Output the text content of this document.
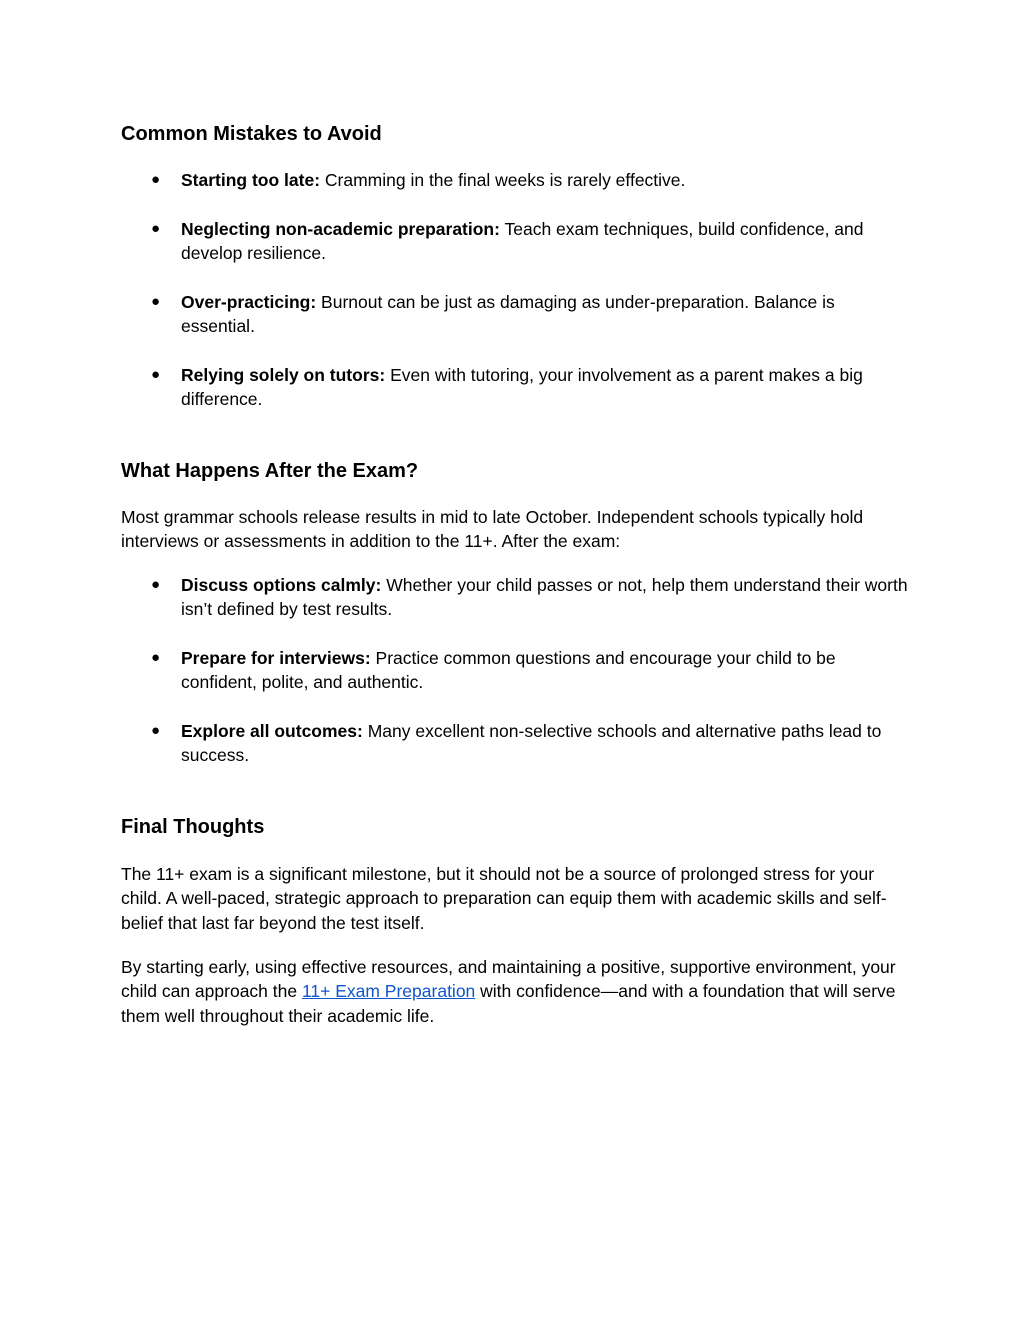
Common Mistakes to Avoid
●	Starting too late: Cramming in the final weeks is rarely effective.
●	Neglecting non-academic preparation: Teach exam techniques, build confidence, and develop resilience.
●	Over-practicing: Burnout can be just as damaging as under-preparation. Balance is essential.
●	Relying solely on tutors: Even with tutoring, your involvement as a parent makes a big difference.
What Happens After the Exam?

Most grammar schools release results in mid to late October. Independent schools typically hold interviews or assessments in addition to the 11+. After the exam:

●	Discuss options calmly: Whether your child passes or not, help them understand their worth isn’t defined by test results.
●	Prepare for interviews: Practice common questions and encourage your child to be confident, polite, and authentic.
●	Explore all outcomes: Many excellent non-selective schools and alternative paths lead to success.
Final Thoughts

The 11+ exam is a significant milestone, but it should not be a source of prolonged stress for your child. A well-paced, strategic approach to preparation can equip them with academic skills and self-belief that last far beyond the test itself.

By starting early, using effective resources, and maintaining a positive, supportive environment, your child can approach the 11+ Exam Preparation with confidence—and with a foundation that will serve them well throughout their academic life.
